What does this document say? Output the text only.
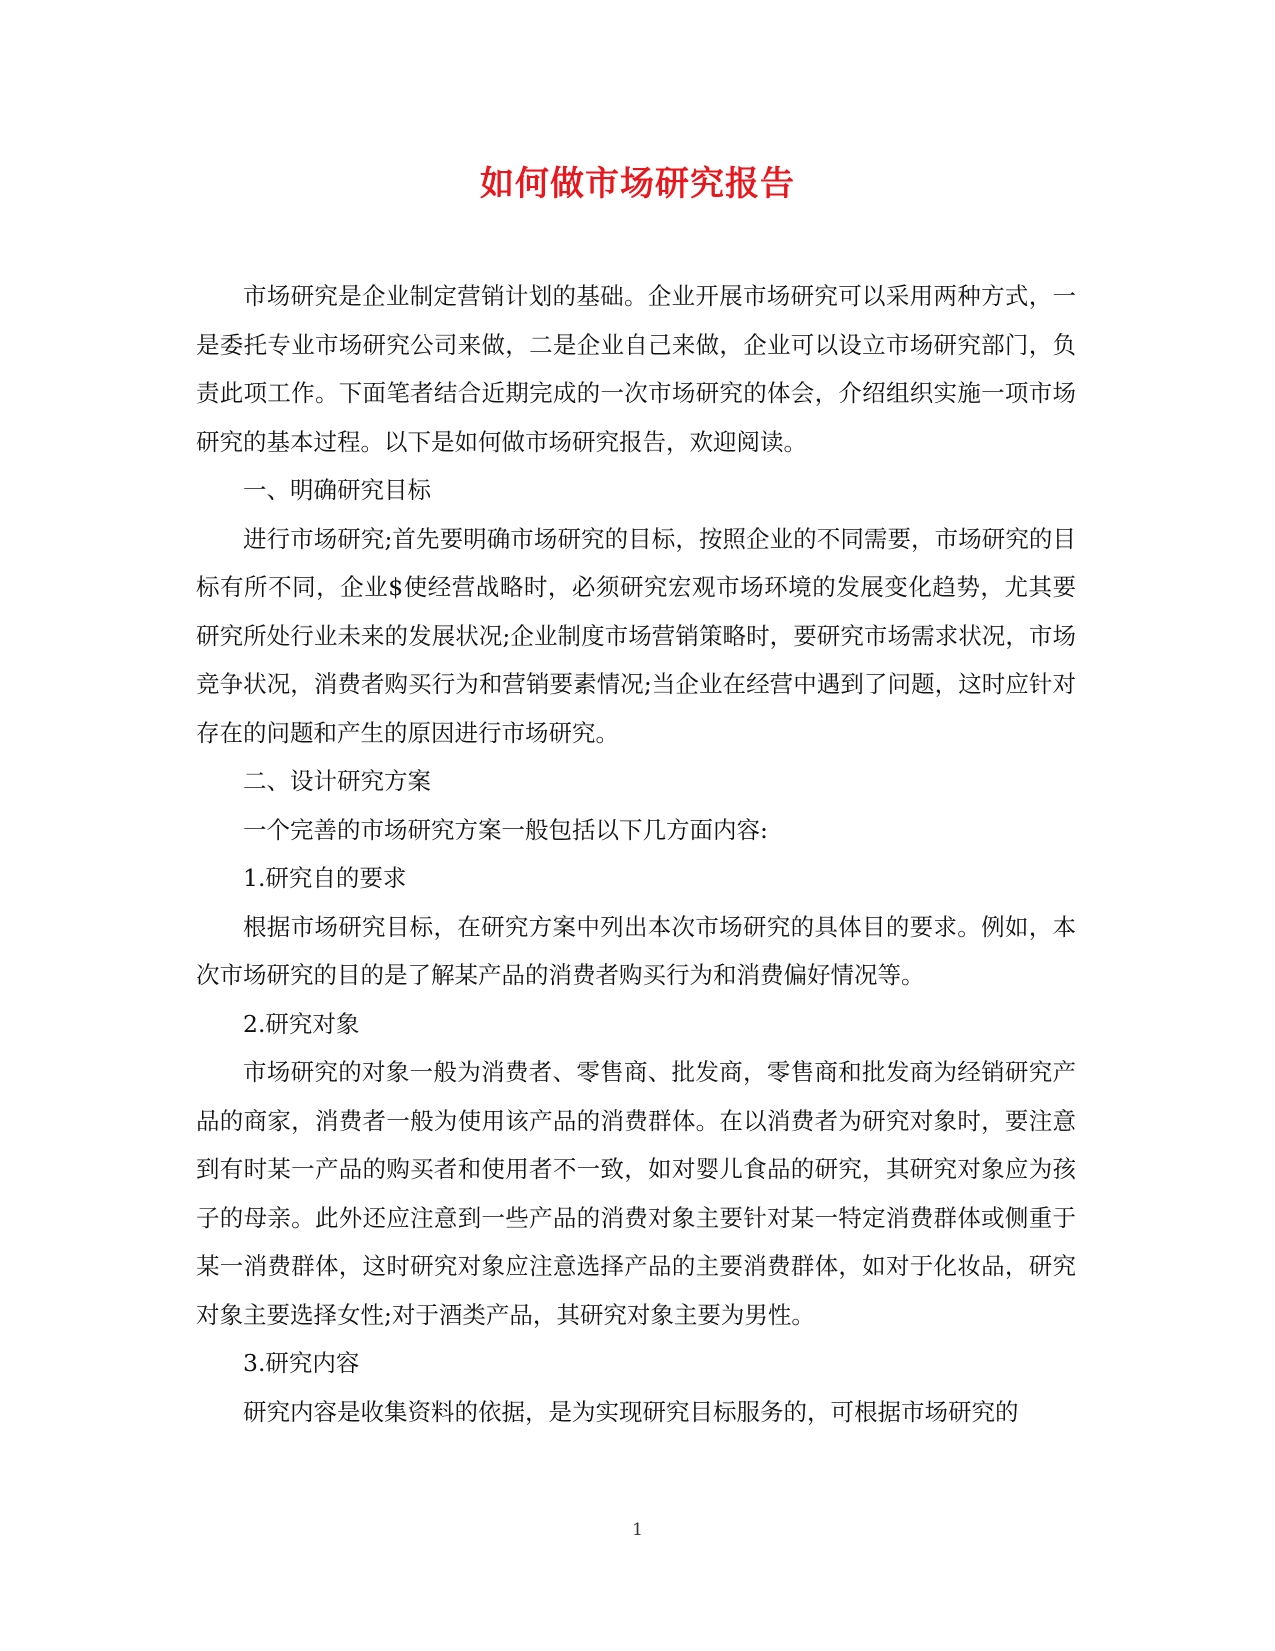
如何做市场研究报告

市场研究是企业制定营销计划的基础。企业开展市场研究可以采用两种方式，一是委托专业市场研究公司来做，二是企业自己来做，企业可以设立市场研究部门，负责此项工作。下面笔者结合近期完成的一次市场研究的体会，介绍组织实施一项市场研究的基本过程。以下是如何做市场研究报告，欢迎阅读。

一、明确研究目标

进行市场研究;首先要明确市场研究的目标，按照企业的不同需要，市场研究的目标有所不同，企业$使经营战略时，必须研究宏观市场环境的发展变化趋势，尤其要研究所处行业未来的发展状况;企业制度市场营销策略时，要研究市场需求状况，市场竞争状况，消费者购买行为和营销要素情况;当企业在经营中遇到了问题，这时应针对存在的问题和产生的原因进行市场研究。

二、设计研究方案

一个完善的市场研究方案一般包括以下几方面内容:

1.研究自的要求

根据市场研究目标，在研究方案中列出本次市场研究的具体目的要求。例如，本次市场研究的目的是了解某产品的消费者购买行为和消费偏好情况等。

2.研究对象

市场研究的对象一般为消费者、零售商、批发商，零售商和批发商为经销研究产品的商家，消费者一般为使用该产品的消费群体。在以消费者为研究对象时，要注意到有时某一产品的购买者和使用者不一致，如对婴儿食品的研究，其研究对象应为孩子的母亲。此外还应注意到一些产品的消费对象主要针对某一特定消费群体或侧重于某一消费群体，这时研究对象应注意选择产品的主要消费群体，如对于化妆品，研究对象主要选择女性;对于酒类产品，其研究对象主要为男性。

3.研究内容

研究内容是收集资料的依据，是为实现研究目标服务的，可根据市场研究的

1
